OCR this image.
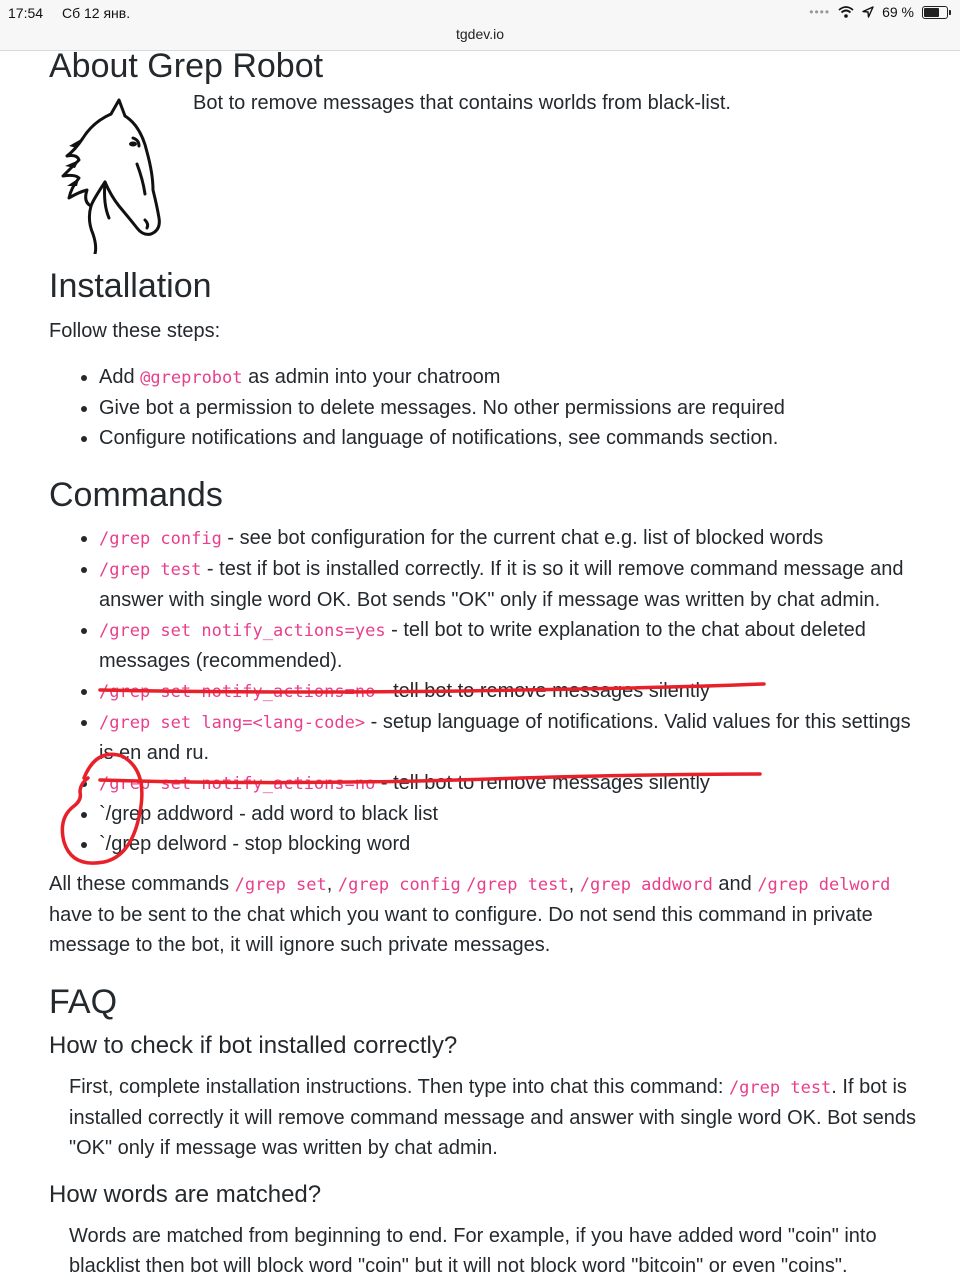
17:54 Сб 12 янв.
tgdev.io
••••	69 %
About Grep Robot

Bot to remove messages that contains worlds from black-list.

Installation

Follow these steps:

• Add @greprobot as admin into your chatroom
• Give bot a permission to delete messages. No other permissions are required
• Configure notifications and language of notifications, see commands section.
Commands
• /grep config - see bot configuration for the current chat e.g. list of blocked words
• /grep test - test if bot is installed correctly. If it is so it will remove command message and answer with single word OK. Bot sends "OK" only if message was written by chat admin.
• /grep set notify_actions=yes - tell bot to write explanation to the chat about deleted messages (recommended).
• /grep set notify_actions=no - tell bot to remove messages silently
• /grep set lang=<lang-code> - setup language of notifications. Valid values for this settings is en and ru.
• /grep set notify_actions=no - tell bot to remove messages silently
• `/grep addword - add word to black list
• `/grep delword - stop blocking word

All these commands /grep set, /grep config /grep test, /grep addword and /grep delword have to be sent to the chat which you want to configure. Do not send this command in private message to the bot, it will ignore such private messages.

FAQ
How to check if bot installed correctly?

First, complete installation instructions. Then type into chat this command: /grep test. If bot is installed correctly it will remove command message and answer with single word OK. Bot sends "OK" only if message was written by chat admin.

How words are matched?

Words are matched from beginning to end. For example, if you have added word "coin" into blacklist then bot will block word "coin" but it will not block word "bitcoin" or even "coins".
